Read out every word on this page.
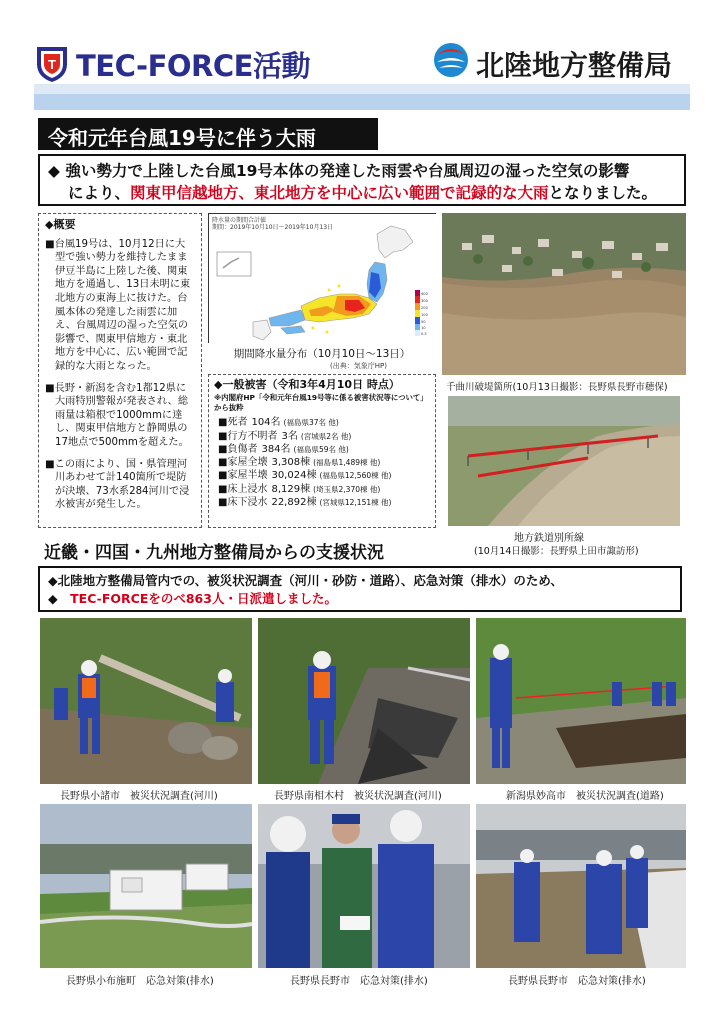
T TEC-FORCE活動	北陸地方整備局
令和元年台風19号に伴う大雨
◆ 強い勢力で上陸した台風19号本体の発達した雨雲や台風周辺の湿った空気の影響
により、関東甲信越地方、東北地方を中心に広い範囲で記録的な大雨となりました。
◆概要
■台風19号は、10月12日に大型で強い勢力を維持したまま伊豆半島に上陸した後、関東地方を通過し、13日未明に東北地方の東海上に抜けた。台風本体の発達した雨雲に加え、台風周辺の湿った空気の影響で、関東甲信地方・東北地方を中心に、広い範囲で記録的な大雨となった。
■長野・新潟を含む1都12県に大雨特別警報が発表され、総雨量は箱根で1000mmに達し、関東甲信地方と静岡県の17地点で500mmを超えた。
■この雨により、国・県管理河川あわせて計140箇所で堤防が決壊、73水系284河川で浸水被害が発生した。
降水量の期間合計値
期間：2019年10月10日～2019年10月13日
400
300
200
100
50
10
0.5
期間降水量分布（10月10日～13日）
(出典：気象庁HP)
◆一般被害（令和3年4月10日 時点）
※内閣府HP「令和元年台風19号等に係る被害状況等について」から抜粋
■死者 104名 (福島県37名 他)
■行方不明者 3名 (宮城県2名 他)
■負傷者 384名 (福島県59名 他)
■家屋全壊 3,308棟 (福島県1,489棟 他)
■家屋半壊 30,024棟 (福島県12,560棟 他)
■床上浸水 8,129棟 (埼玉県2,370棟 他)
■床下浸水 22,892棟 (宮城県12,151棟 他)
千曲川破堤箇所(10月13日撮影：長野県長野市穂保)
地方鉄道別所線
(10月14日撮影：長野県上田市諏訪形)
近畿・四国・九州地方整備局からの支援状況
◆北陸地方整備局管内での、被災状況調査（河川・砂防・道路）、応急対策（排水）のため、
◆　 TEC-FORCEをのべ863人・日派遣しました。
長野県小諸市　被災状況調査(河川)	長野県南相木村　被災状況調査(河川)	新潟県妙高市　被災状況調査(道路)
長野県小布施町　応急対策(排水)	長野県長野市　応急対策(排水)	長野県長野市　応急対策(排水)
